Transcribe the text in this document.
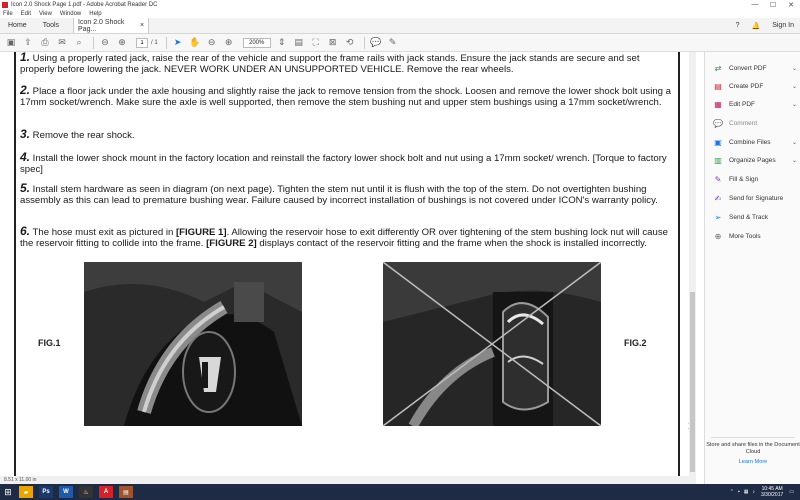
Icon 2.0 Shock Page 1.pdf - Adobe Acrobat Reader DC	—	☐	✕
File Edit View Window Help
Home	Tools	Icon 2.0 Shock Pag...	×	?	🔔	Sign In
▣ ⇪	⎙	✉	⌕	⊖	⊕
1	/ 1	➤ ✋ ⊖	⊕	200%	⇕ ▤	⛶	⊠	⟲	💬 ✎
1. Using a properly rated jack, raise the rear of the vehicle and support the frame rails with jack stands. Ensure the jack stands are secure and set properly before lowering the jack. NEVER WORK UNDER AN UNSUPPORTED VEHICLE. Remove the rear wheels.
2. Place a floor jack under the axle housing and slightly raise the jack to remove tension from the shock. Loosen and remove the lower shock bolt using a 17mm socket/wrench. Make sure the axle is well supported, then remove the stem bushing nut and upper stem bushings using a 17mm socket/wrench.
3. Remove the rear shock.
4. Install the lower shock mount in the factory location and reinstall the factory lower shock bolt and nut using a 17mm socket/ wrench. [Torque to factory spec]
5. Install stem hardware as seen in diagram (on next page). Tighten the stem nut until it is flush with the top of the stem. Do not overtighten bushing assembly as this can lead to premature bushing wear. Failure caused by incorrect installation of bushings is not covered under ICON's warranty policy.
6. The hose must exit as pictured in [FIGURE 1]. Allowing the reservoir hose to exit differently OR over tightening of the stem bushing lock nut will cause the reservoir fitting to collide into the frame. [FIGURE 2] displays contact of the reservoir fitting and the frame when the shock is installed incorrectly.
FIG.1	FIG.2
8.51 x 11.00 in
⇄ Convert PDF	⌄
▤ Create PDF	⌄
▦ Edit PDF	⌄
💬 Comment
▣ Combine Files	⌄
▥ Organize Pages	⌄
✎ Fill & Sign
✍ Send for Signature
➢ Send & Track
⊕ More Tools
Store and share files in the Document Cloud
Learn More
⊞	▰	Ps	W	♨	A	▤	⌃ ▪ ▦ ♪ 10:45 AM
3/30/2017 ▭
